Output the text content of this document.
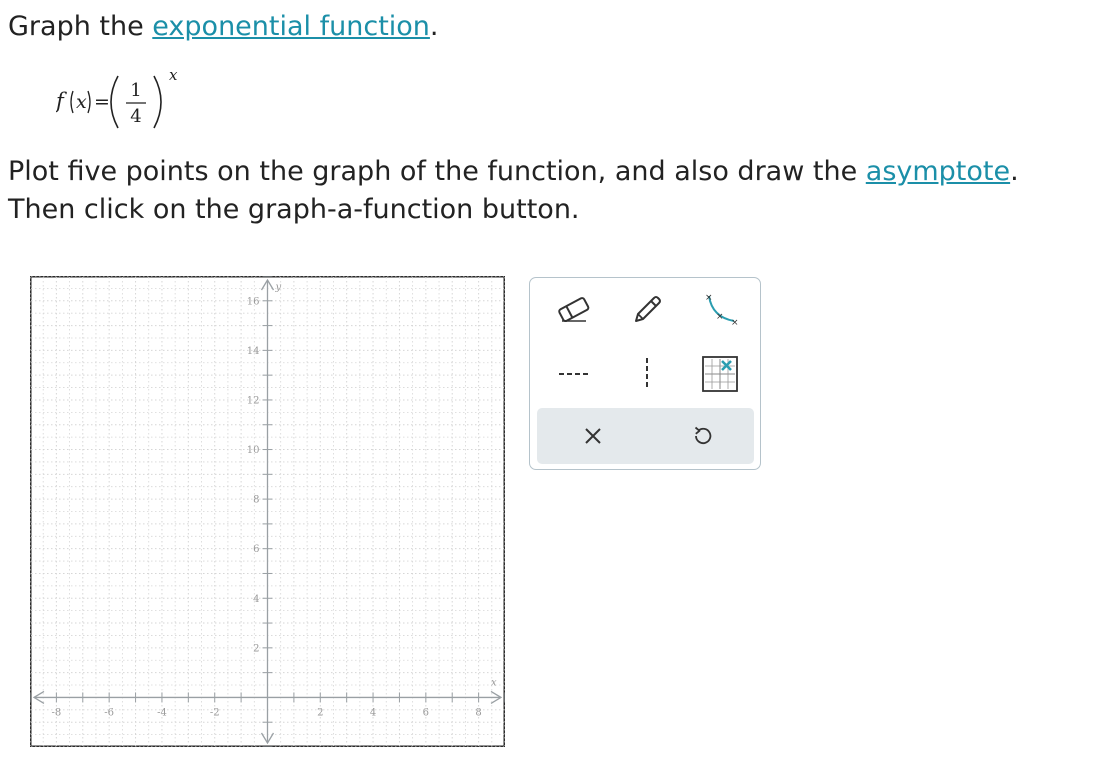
Graph the exponential function.
f x =
1
4
x
Plot five points on the graph of the function, and also draw the asymptote.
Then click on the graph-a-function button.
-8	-6	-4	-2	2	4	6	8
2
4
6
8
10
12
14
16
x
y
×
×
×
